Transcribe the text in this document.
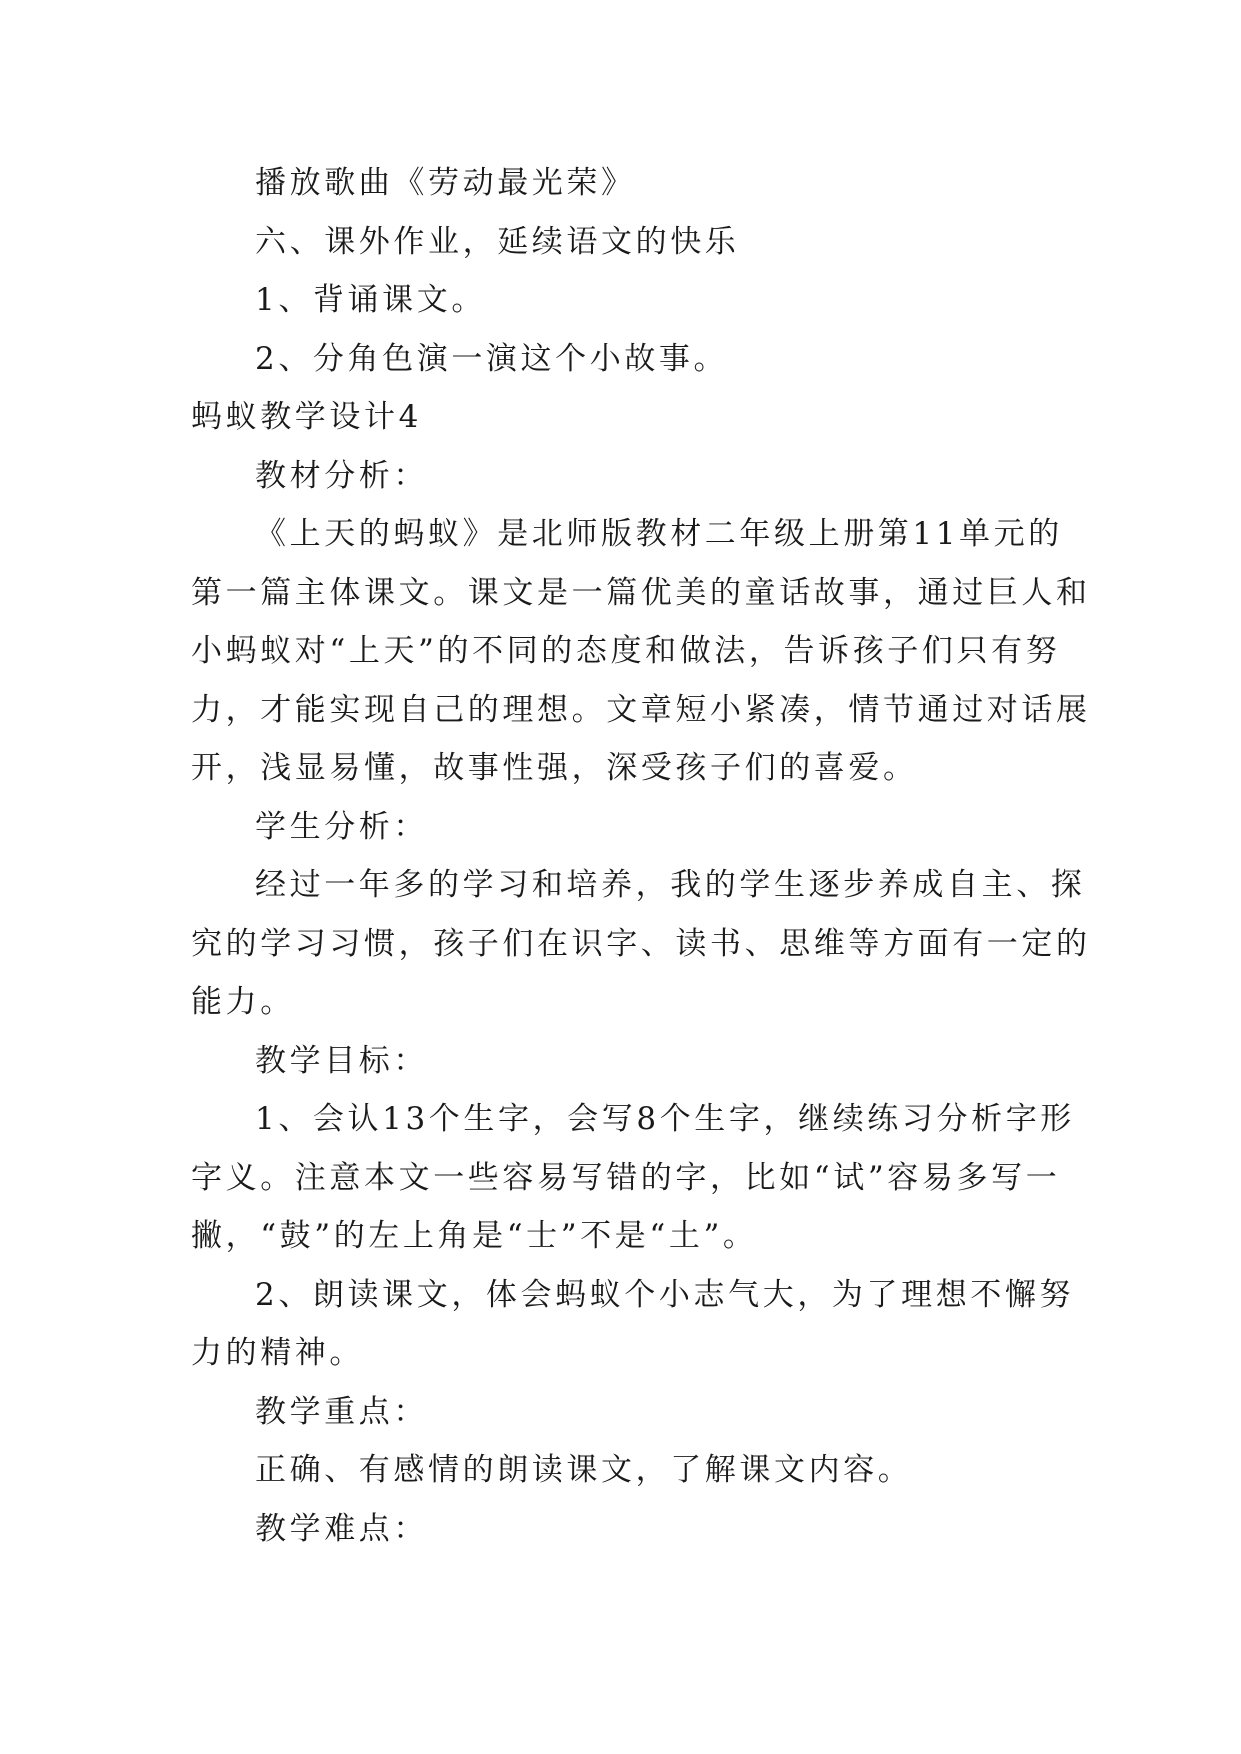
播放歌曲《劳动最光荣》
六、课外作业，延续语文的快乐
1、背诵课文。
2、分角色演一演这个小故事。
蚂蚁教学设计4
教材分析：
《上天的蚂蚁》是北师版教材二年级上册第11单元的
第一篇主体课文。课文是一篇优美的童话故事，通过巨人和
小蚂蚁对“上天”的不同的态度和做法，告诉孩子们只有努
力，才能实现自己的理想。文章短小紧凑，情节通过对话展
开，浅显易懂，故事性强，深受孩子们的喜爱。
学生分析：
经过一年多的学习和培养，我的学生逐步养成自主、探
究的学习习惯，孩子们在识字、读书、思维等方面有一定的
能力。
教学目标：
1、会认13个生字，会写8个生字，继续练习分析字形
字义。注意本文一些容易写错的字，比如“试”容易多写一
撇，“鼓”的左上角是“士”不是“土”。
2、朗读课文，体会蚂蚁个小志气大，为了理想不懈努
力的精神。
教学重点：
正确、有感情的朗读课文，了解课文内容。
教学难点：
